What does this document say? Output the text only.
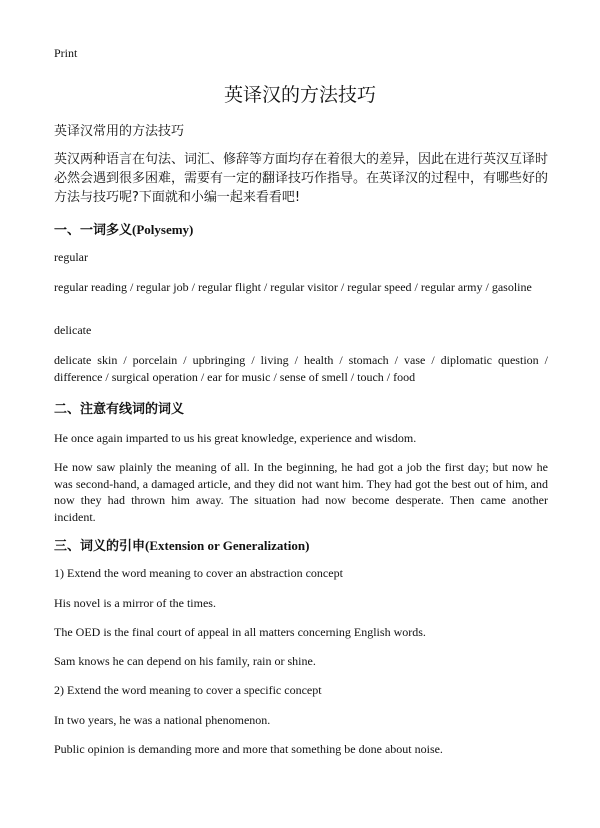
Print
英译汉的方法技巧
英译汉常用的方法技巧
英汉两种语言在句法、词汇、修辞等方面均存在着很大的差异，因此在进行英汉互译时必然会遇到很多困难，需要有一定的翻译技巧作指导。在英译汉的过程中，有哪些好的方法与技巧呢?下面就和小编一起来看看吧!
一、一词多义(Polysemy)
regular
regular reading / regular job / regular flight / regular visitor / regular speed / regular army / gasoline
delicate
delicate skin / porcelain / upbringing / living / health / stomach / vase / diplomatic question / difference / surgical operation / ear for music / sense of smell / touch / food
二、注意有线词的词义
He once again imparted to us his great knowledge, experience and wisdom.
He now saw plainly the meaning of all. In the beginning, he had got a job the first day; but now he was second-hand, a damaged article, and they did not want him. They had got the best out of him, and now they had thrown him away. The situation had now become desperate. Then came another incident.
三、词义的引申(Extension or Generalization)
1) Extend the word meaning to cover an abstraction concept
His novel is a mirror of the times.
The OED is the final court of appeal in all matters concerning English words.
Sam knows he can depend on his family, rain or shine.
2) Extend the word meaning to cover a specific concept
In two years, he was a national phenomenon.
Public opinion is demanding more and more that something be done about noise.
